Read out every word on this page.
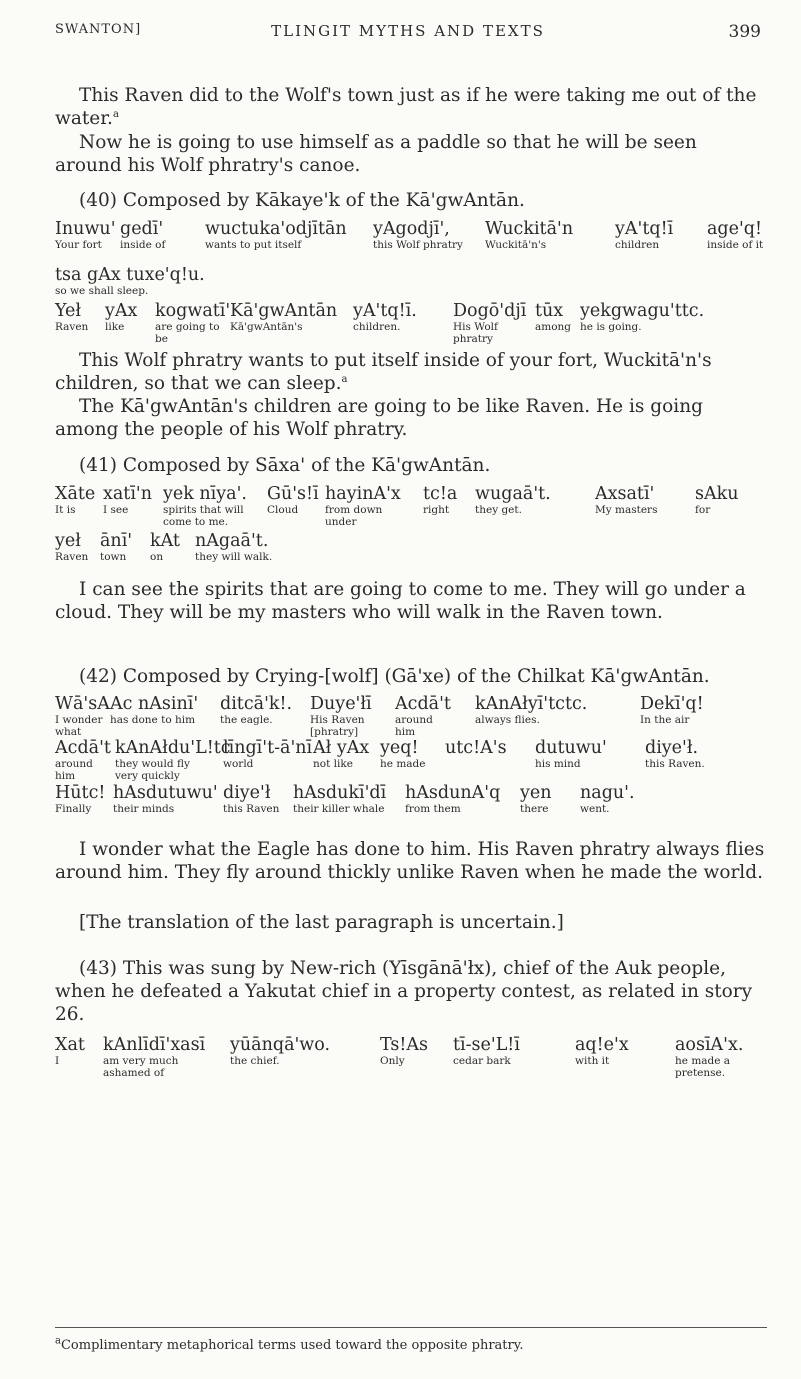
SWANTON]	TLINGIT MYTHS AND TEXTS	399

This Raven did to the Wolf's town just as if he were taking me out of the water.$^a$

Now he is going to use himself as a paddle so that he will be seen around his Wolf phratry's canoe.

(40) Composed by Kākaye'k of the Kā'gwAntān.

Inuwu'
Your fort
gedī'
inside of
wuctuka'odjītān
wants to put itself
yAgodjī',
this Wolf phratry
Wuckitā'n
Wuckitā'n's
yA'tq!ī
children
age'q!
inside of it
tsa gAx tuxe'q!u.
so we shall sleep.
Yeł
Raven
yAx
like
kogwatī'
are going to be
Kā'gwAntān
Kā'gwAntān's
yA'tq!ī.
children.
Dogō'djī
His Wolf phratry
tūx
among
yekgwagu'ttc.
he is going.

This Wolf phratry wants to put itself inside of your fort, Wuckitā'n's children, so that we can sleep.$^a$

The Kā'gwAntān's children are going to be like Raven. He is going among the people of his Wolf phratry.

(41) Composed by Sāxa' of the Kā'gwAntān.

Xāte
It is
xatī'n
I see
yek nīya'.
spirits that will come to me.
Gū's!ī
Cloud
hayinA'x
from down under
tc!a
right
wugaā't.
they get.
Axsatī'
My masters
sAku
for
yeł
Raven
ānī'
town
kAt
on
nAgaā't.
they will walk.

I can see the spirits that are going to come to me. They will go under a cloud. They will be my masters who will walk in the Raven town.

(42) Composed by Crying-[wolf] (Gā'xe) of the Chilkat Kā'gwAntān.

Wā'sA
I wonder what
Ac nAsinī'
has done to him
ditcā'k!.
the eagle.
Duye'łī
His Raven [phratry]
Acdā't
around him
kAnAłyī'tctc.
always flies.
Dekī'q!
In the air
Acdā't
around him
kAnAłdu'L!tc
they would fly very quickly
līngī't-ā'nī
world
Ał yAx
not like
yeq!
he made
utc!A's dutuwu'
his mind
diye'ł.
this Raven.
Hūtc!
Finally
hAsdutuwu'
their minds
diye'ł
this Raven
hAsdukī'dī
their killer whale
hAsdunA'q
from them
yen
there
nagu'.
went.

I wonder what the Eagle has done to him. His Raven phratry always flies around him. They fly around thickly unlike Raven when he made the world.

[The translation of the last paragraph is uncertain.]

(43) This was sung by New-rich (Yīsgānā'łx), chief of the Auk people, when he defeated a Yakutat chief in a property contest, as related in story 26.

Xat
I
kAnlīdī'xasī
am very much ashamed of
yūānqā'wo.
the chief.
Ts!As
Only
tī-se'L!ī
cedar bark
aq!e'x
with it
aosīA'x.
he made a pretense.
$^a$Complimentary metaphorical terms used toward the opposite phratry.
